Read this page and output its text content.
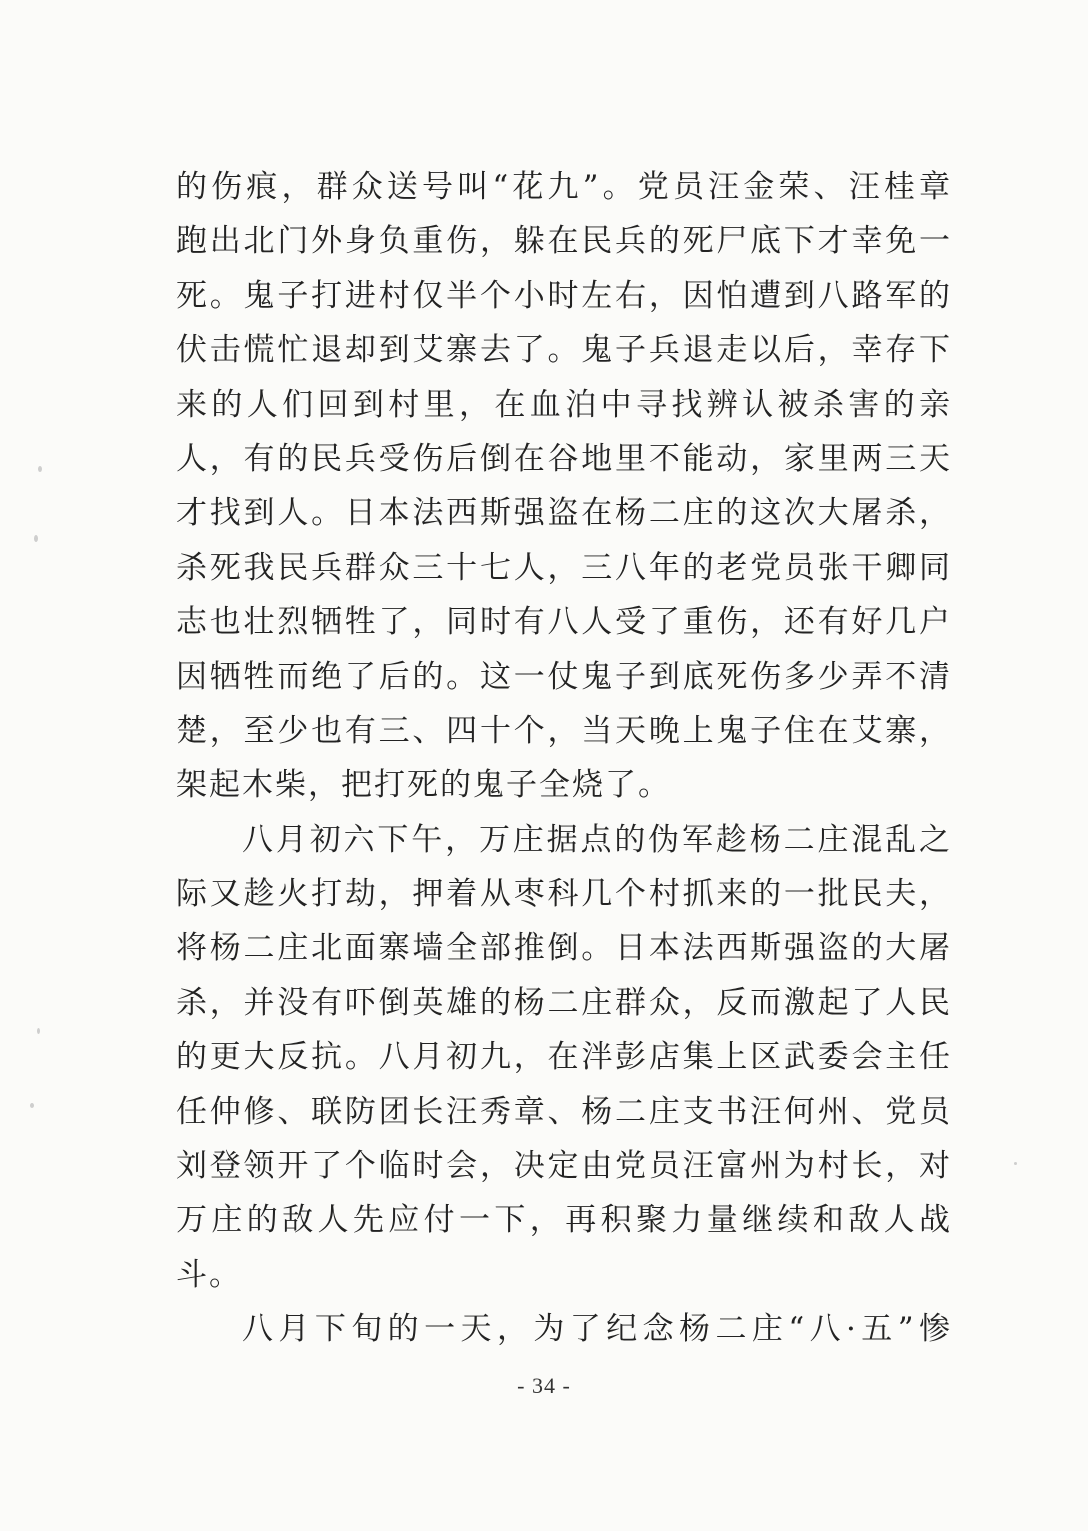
的伤痕，群众送号叫“花九”。党员汪金荣、汪桂章
跑出北门外身负重伤，躲在民兵的死尸底下才幸免一
死。鬼子打进村仅半个小时左右，因怕遭到八路军的
伏击慌忙退却到艾寨去了。鬼子兵退走以后，幸存下
来的人们回到村里，在血泊中寻找辨认被杀害的亲
人，有的民兵受伤后倒在谷地里不能动，家里两三天
才找到人。日本法西斯强盗在杨二庄的这次大屠杀，
杀死我民兵群众三十七人，三八年的老党员张干卿同
志也壮烈牺牲了，同时有八人受了重伤，还有好几户
因牺牲而绝了后的。这一仗鬼子到底死伤多少弄不清
楚，至少也有三、四十个，当天晚上鬼子住在艾寨，
架起木柴，把打死的鬼子全烧了。
八月初六下午，万庄据点的伪军趁杨二庄混乱之
际又趁火打劫，押着从枣科几个村抓来的一批民夫，
将杨二庄北面寨墙全部推倒。日本法西斯强盗的大屠
杀，并没有吓倒英雄的杨二庄群众，反而激起了人民
的更大反抗。八月初九，在泮彭店集上区武委会主任
任仲修、联防团长汪秀章、杨二庄支书汪何州、党员
刘登领开了个临时会，决定由党员汪富州为村长，对
万庄的敌人先应付一下，再积聚力量继续和敌人战
斗。
八月下旬的一天，为了纪念杨二庄“八·五”惨
- 34 -
